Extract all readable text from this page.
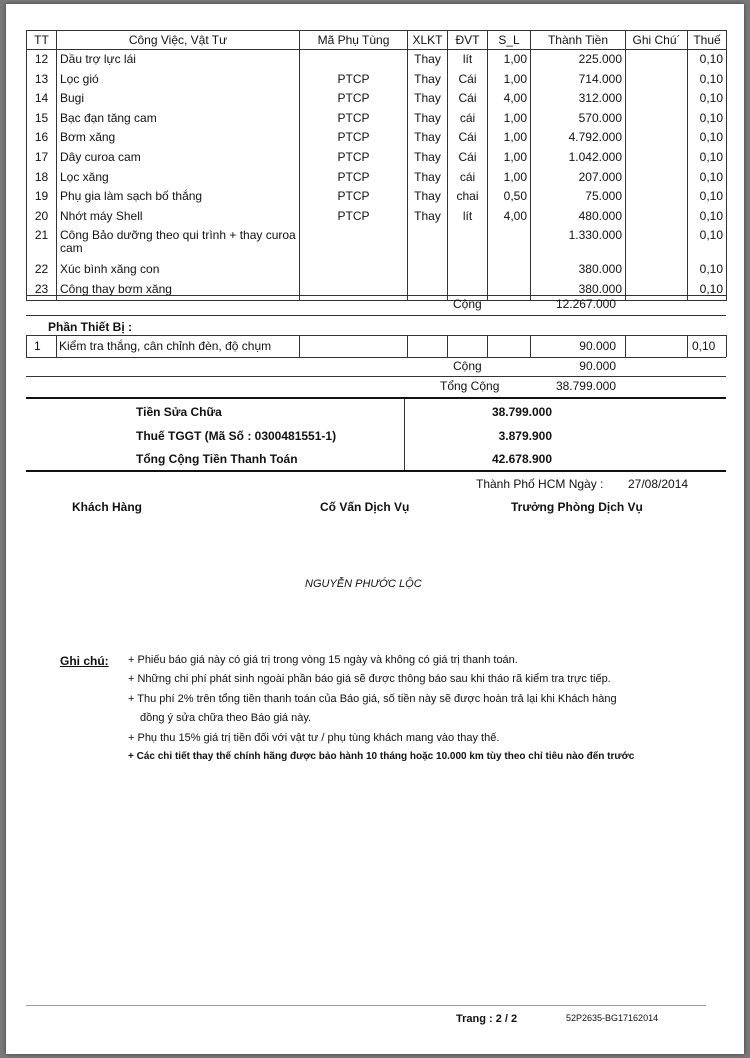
TT	Công Việc, Vật Tư	Mã Phụ Tùng	XLKT	ĐVT	S_L	Thành Tiền	Ghi Chú´	Thuế
12	Dầu trợ lực lái		Thay	lít	1,00	225.000		0,10
13	Lọc gió	PTCP	Thay	Cái	1,00	714.000		0,10
14	Bugi	PTCP	Thay	Cái	4,00	312.000		0,10
15	Bạc đạn tăng cam	PTCP	Thay	cái	1,00	570.000		0,10
16	Bơm xăng	PTCP	Thay	Cái	1,00	4.792.000		0,10
17	Dây curoa cam	PTCP	Thay	Cái	1,00	1.042.000		0,10
18	Lọc xăng	PTCP	Thay	cái	1,00	207.000		0,10
19	Phụ gia làm sạch bố thắng	PTCP	Thay	chai	0,50	75.000		0,10
20	Nhớt máy Shell	PTCP	Thay	lít	4,00	480.000		0,10
21	Công Bảo dưỡng theo qui trình + thay curoa cam					1.330.000		0,10
22	Xúc bình xăng con					380.000		0,10
23	Công thay bơm xăng					380.000		0,10
Cộng	12.267.000
Phần Thiết Bị :
1 Kiểm tra thắng, cân chỉnh đèn, độ chụm	90.000	0,10
Cộng	90.000
Tổng Cộng	38.799.000
Tiền Sửa Chữa	38.799.000
Thuế TGGT (Mã Số : 0300481551-1)	3.879.900
Tổng Cộng Tiền Thanh Toán	42.678.900
Thành Phố HCM Ngày : 27/08/2014
Khách Hàng	Cố Vấn Dịch Vụ	Trưởng Phòng Dịch Vụ
NGUYỄN PHƯỚC LỘC
Ghi chú: + Phiếu báo giá này có giá trị trong vòng 15 ngày và không có giá trị thanh toán.
+ Những chi phí phát sinh ngoài phần báo giá sẽ được thông báo sau khi tháo rã kiểm tra trực tiếp.
+ Thu phí 2% trên tổng tiền thanh toán của Báo giá, số tiền này sẽ được hoàn trả lại khi Khách hàng
đồng ý sửa chữa theo Báo giá này.
+ Phụ thu 15% giá trị tiền đối với vật tư / phụ tùng khách mang vào thay thế.
+ Các chi tiết thay thế chính hãng được bảo hành 10 tháng hoặc 10.000 km tùy theo chỉ tiêu nào đến trước
Trang : 2 / 2	52P2635-BG17162014
